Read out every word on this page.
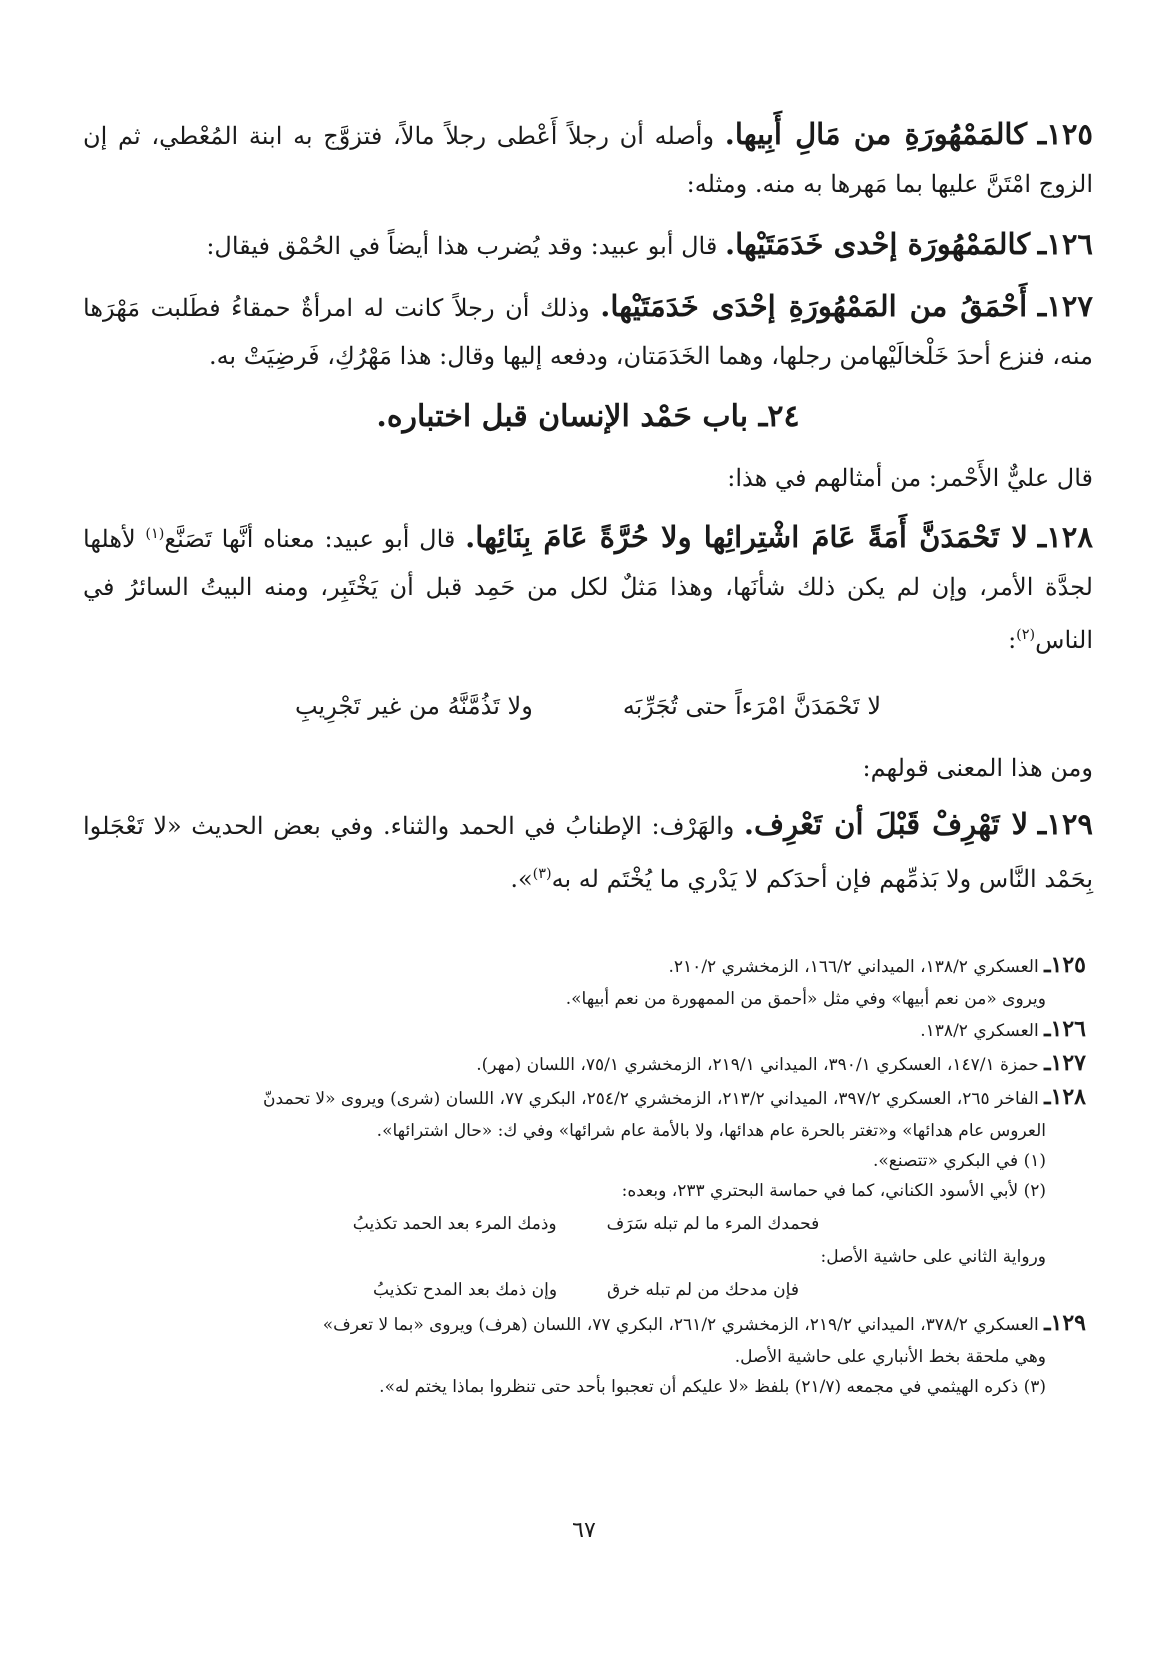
١٢٥ـ كالمَمْهُورَةِ من مَالِ أَبِيها. وأصله أن رجلاً أَعْطى رجلاً مالاً، فتزوَّج به ابنة المُعْطي، ثم إن الزوج امْتَنَّ عليها بما مَهرها به منه. ومثله:

١٢٦ـ كالمَمْهُورَة إحْدى خَدَمَتَيْها. قال أبو عبيد: وقد يُضرب هذا أيضاً في الحُمْق فيقال:

١٢٧ـ أَحْمَقُ من المَمْهُورَةِ إحْدَى خَدَمَتَيْها. وذلك أن رجلاً كانت له امرأةٌ حمقاءُ فطَلبت مَهْرَها منه، فنزع أحدَ خَلْخالَيْهامن رجلها، وهما الخَدَمَتان، ودفعه إليها وقال: هذا مَهْرُكِ، فَرضِيَتْ به.

٢٤ـ باب حَمْد الإنسان قبل اختباره.

قال عليٌّ الأَحْمر: من أمثالهم في هذا:

١٢٨ـ لا تَحْمَدَنَّ أَمَةً عَامَ اشْتِرائِها ولا حُرَّةً عَامَ بِنَائِها. قال أبو عبيد: معناه أنَّها تَصَنَّع$^{(١)}$ لأهلها لجدَّة الأمر، وإن لم يكن ذلك شأنَها، وهذا مَثلٌ لكل من حَمِد قبل أن يَخْتَبِر، ومنه البيتُ السائرُ في الناس$^{(٢)}$:

لا تَحْمَدَنَّ امْرَءاً حتى تُجَرِّبَه
ولا تَذُمَّنَّهُ من غير تَجْرِيبِ

ومن هذا المعنى قولهم:

١٢٩ـ لا تَهْرِفْ قَبْلَ أن تَعْرِف. والهَرْف: الإطنابُ في الحمد والثناء. وفي بعض الحديث «لا تَعْجَلوا بِحَمْد النَّاس ولا بَذمِّهم فإن أحدَكم لا يَدْري ما يُخْتَم له به$^{(٣)}$».

١٢٥ـ العسكري ١٣٨/٢، الميداني ١٦٦/٢، الزمخشري ٢١٠/٢.
ويروى «من نعم أبيها» وفي مثل «أحمق من الممهورة من نعم أبيها».
١٢٦ـ العسكري ١٣٨/٢.
١٢٧ـ حمزة ١٤٧/١، العسكري ٣٩٠/١، الميداني ٢١٩/١، الزمخشري ٧٥/١، اللسان (مهر).
١٢٨ـ الفاخر ٢٦٥، العسكري ٣٩٧/٢، الميداني ٢١٣/٢، الزمخشري ٢٥٤/٢، البكري ٧٧، اللسان (شرى) ويروى «لا تحمدنّ
العروس عام هدائها» و«تغتر بالحرة عام هدائها، ولا بالأمة عام شرائها» وفي ك: «حال اشترائها».
(١) في البكري «تتصنع».
(٢) لأبي الأسود الكناني، كما في حماسة البحتري ٢٣٣، وبعده:
فحمدك المرء ما لم تبله سَرَف
وذمك المرء بعد الحمد تكذيبُ
ورواية الثاني على حاشية الأصل:
فإن مدحك من لم تبله خرق
وإن ذمك بعد المدح تكذيبُ
١٢٩ـ العسكري ٣٧٨/٢، الميداني ٢١٩/٢، الزمخشري ٢٦١/٢، البكري ٧٧، اللسان (هرف) ويروى «بما لا تعرف»
وهي ملحقة بخط الأنباري على حاشية الأصل.
(٣) ذكره الهيثمي في مجمعه (٢١/٧) بلفظ «لا عليكم أن تعجبوا بأحد حتى تنظروا بماذا يختم له».
٦٧
